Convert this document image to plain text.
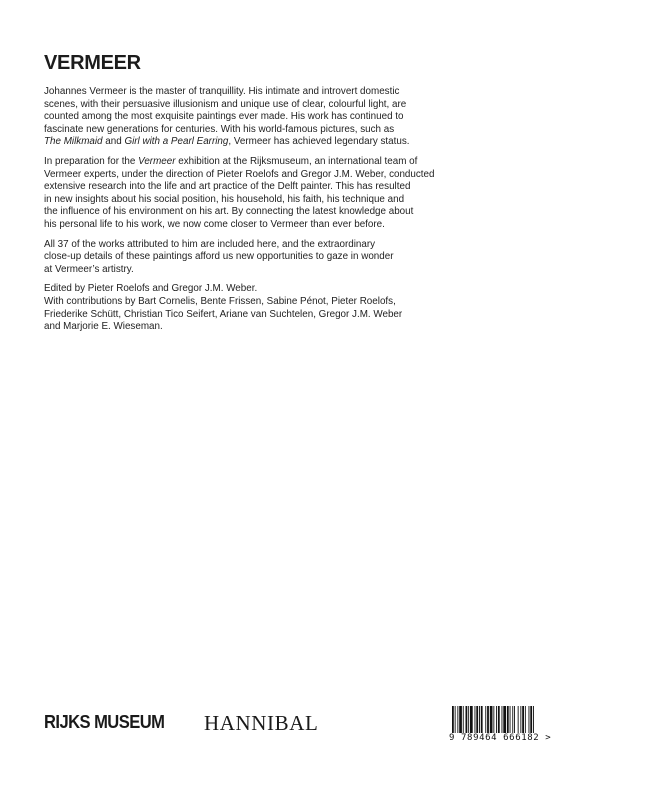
VERMEER

Johannes Vermeer is the master of tranquillity. His intimate and introvert domestic
scenes, with their persuasive illusionism and unique use of clear, colourful light, are
counted among the most exquisite paintings ever made. His work has continued to
fascinate new generations for centuries. With his world-famous pictures, such as
The Milkmaid and Girl with a Pearl Earring, Vermeer has achieved legendary status.

In preparation for the Vermeer exhibition at the Rijksmuseum, an international team of
Vermeer experts, under the direction of Pieter Roelofs and Gregor J.M. Weber, conducted
extensive research into the life and art practice of the Delft painter. This has resulted
in new insights about his social position, his household, his faith, his technique and
the influence of his environment on his art. By connecting the latest knowledge about
his personal life to his work, we now come closer to Vermeer than ever before.

All 37 of the works attributed to him are included here, and the extraordinary
close-up details of these paintings afford us new opportunities to gaze in wonder
at Vermeer’s artistry.

Edited by Pieter Roelofs and Gregor J.M. Weber.
With contributions by Bart Cornelis, Bente Frissen, Sabine Pénot, Pieter Roelofs,
Friederike Schütt, Christian Tico Seifert, Ariane van Suchtelen, Gregor J.M. Weber
and Marjorie E. Wieseman.

RIJKS MUSEUM HANNIBAL
9 789464 666182 >
